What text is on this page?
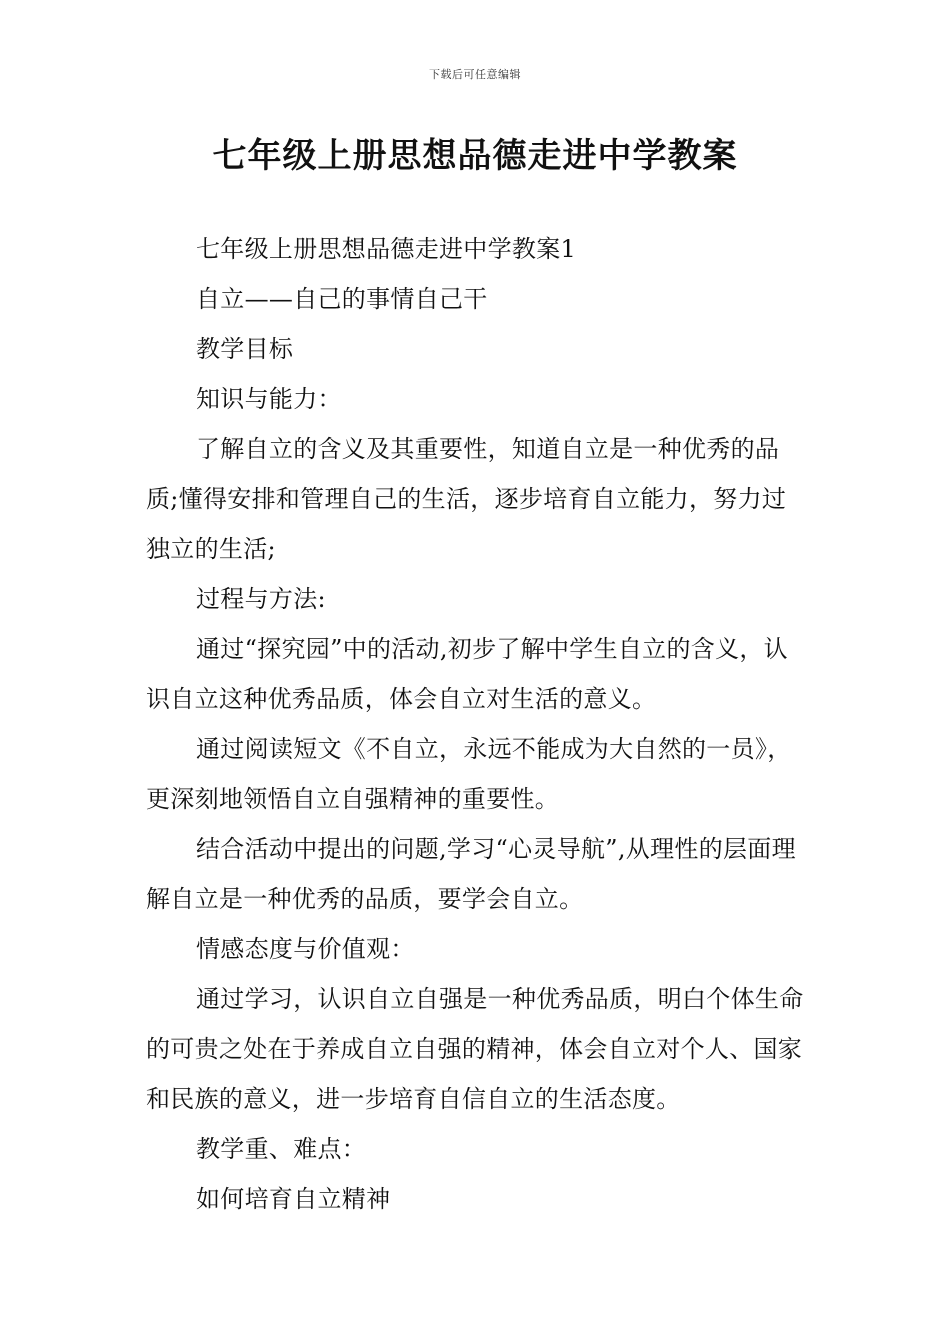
下载后可任意编辑
七年级上册思想品德走进中学教案

七年级上册思想品德走进中学教案1

自立——自己的事情自己干

教学目标

知识与能力：

了解自立的含义及其重要性，知道自立是一种优秀的品质;懂得安排和管理自己的生活，逐步培育自立能力，努力过独立的生活;

过程与方法:

通过“探究园”中的活动,初步了解中学生自立的含义，认识自立这种优秀品质，体会自立对生活的意义。

通过阅读短文《不自立，永远不能成为大自然的一员》，更深刻地领悟自立自强精神的重要性。

结合活动中提出的问题,学习“心灵导航”,从理性的层面理解自立是一种优秀的品质，要学会自立。

情感态度与价值观：

通过学习，认识自立自强是一种优秀品质，明白个体生命的可贵之处在于养成自立自强的精神，体会自立对个人、国家和民族的意义，进一步培育自信自立的生活态度。

教学重、难点：

如何培育自立精神
